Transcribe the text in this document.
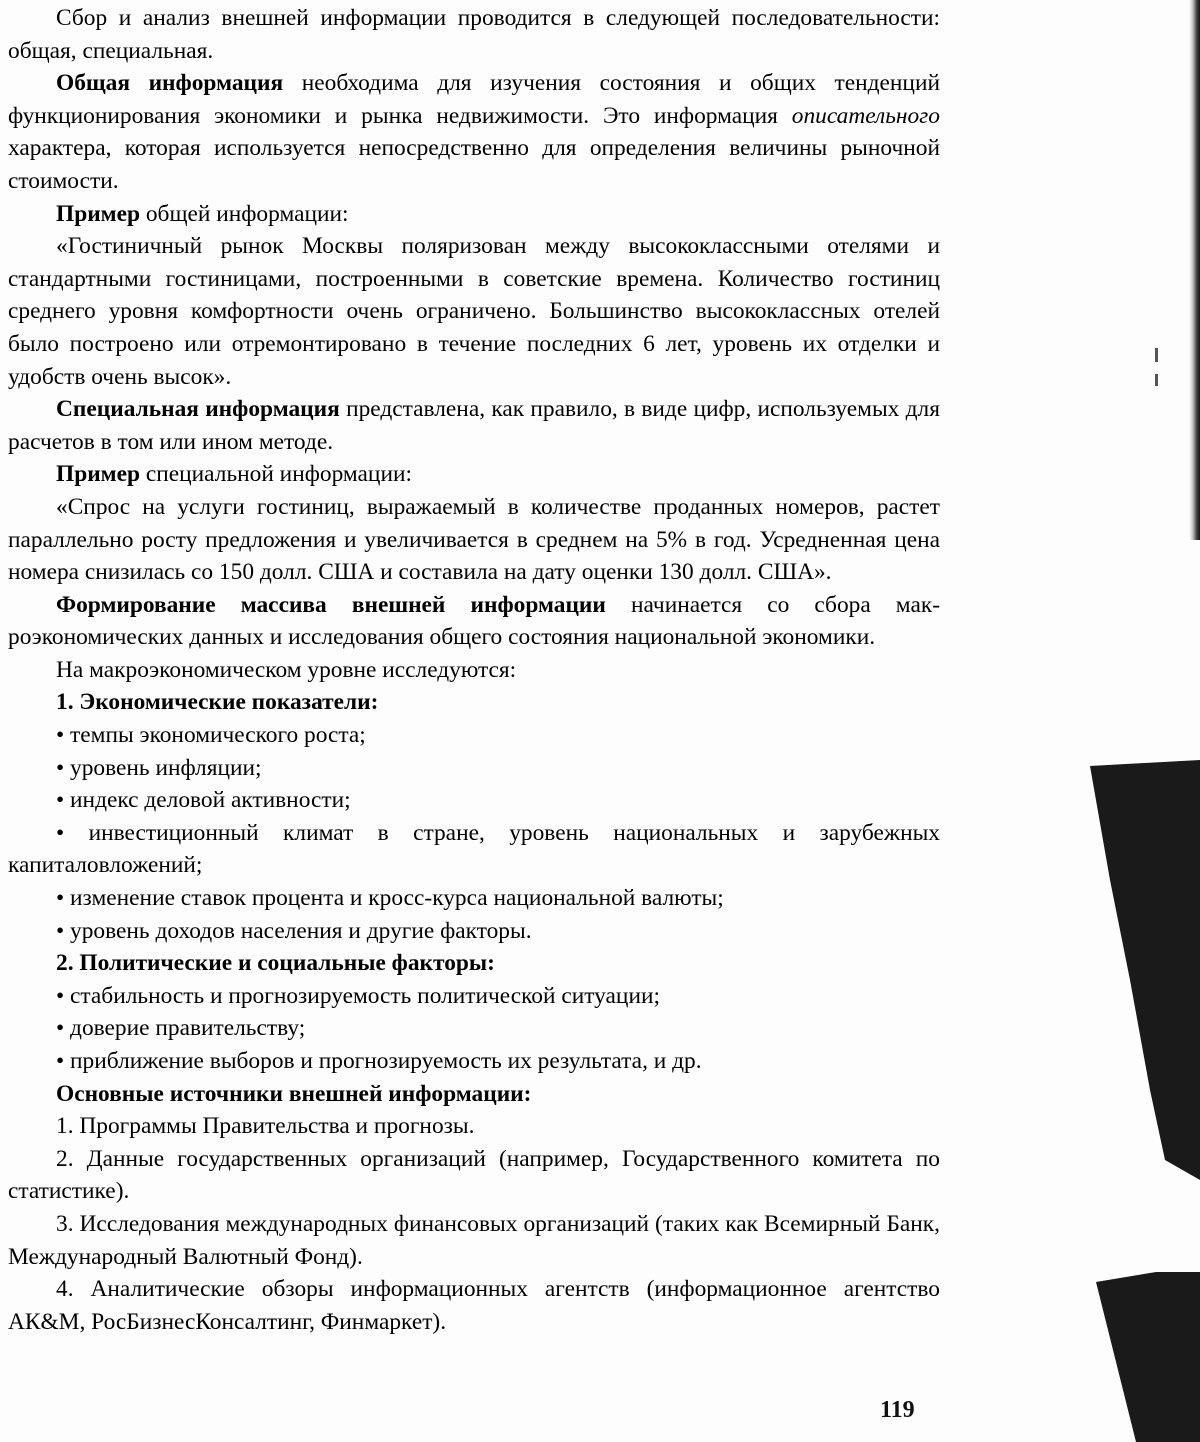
Сбор и анализ внешней информации проводится в следующей последовательности: общая, специальная.

Общая информация необходима для изучения состояния и общих тенденций функционирования экономики и рынка недвижимости. Это информация описательного характера, которая используется непосредственно для определения величины рыночной стоимости.

Пример общей информации:

«Гостиничный рынок Москвы поляризован между высококлассными отелями и стандартными гостиницами, построенными в советские времена. Количество гостиниц среднего уровня комфортности очень ограничено. Большинство высококлассных отелей было построено или отремонтировано в течение последних 6 лет, уровень их отделки и удобств очень высок».

Специальная информация представлена, как правило, в виде цифр, используемых для расчетов в том или ином методе.

Пример специальной информации:

«Спрос на услуги гостиниц, выражаемый в количестве проданных номеров, растет параллельно росту предложения и увеличивается в среднем на 5% в год. Усредненная цена номера снизилась со 150 долл. США и составила на дату оценки 130 долл. США».

Формирование массива внешней информации начинается со сбора макроэкономических данных и исследования общего состояния национальной экономики.

На макроэкономическом уровне исследуются:

1. Экономические показатели:

• темпы экономического роста;

• уровень инфляции;

• индекс деловой активности;

• инвестиционный климат в стране, уровень национальных и зарубежных капиталовложений;

• изменение ставок процента и кросс-курса национальной валюты;

• уровень доходов населения и другие факторы.

2. Политические и социальные факторы:

• стабильность и прогнозируемость политической ситуации;

• доверие правительству;

• приближение выборов и прогнозируемость их результата, и др.

Основные источники внешней информации:

1. Программы Правительства и прогнозы.

2. Данные государственных организаций (например, Государственного комитета по статистике).

3. Исследования международных финансовых организаций (таких как Всемирный Банк, Международный Валютный Фонд).

4. Аналитические обзоры информационных агентств (информационное агентство АК&M, РосБизнесКонсалтинг, Финмаркет).

119
